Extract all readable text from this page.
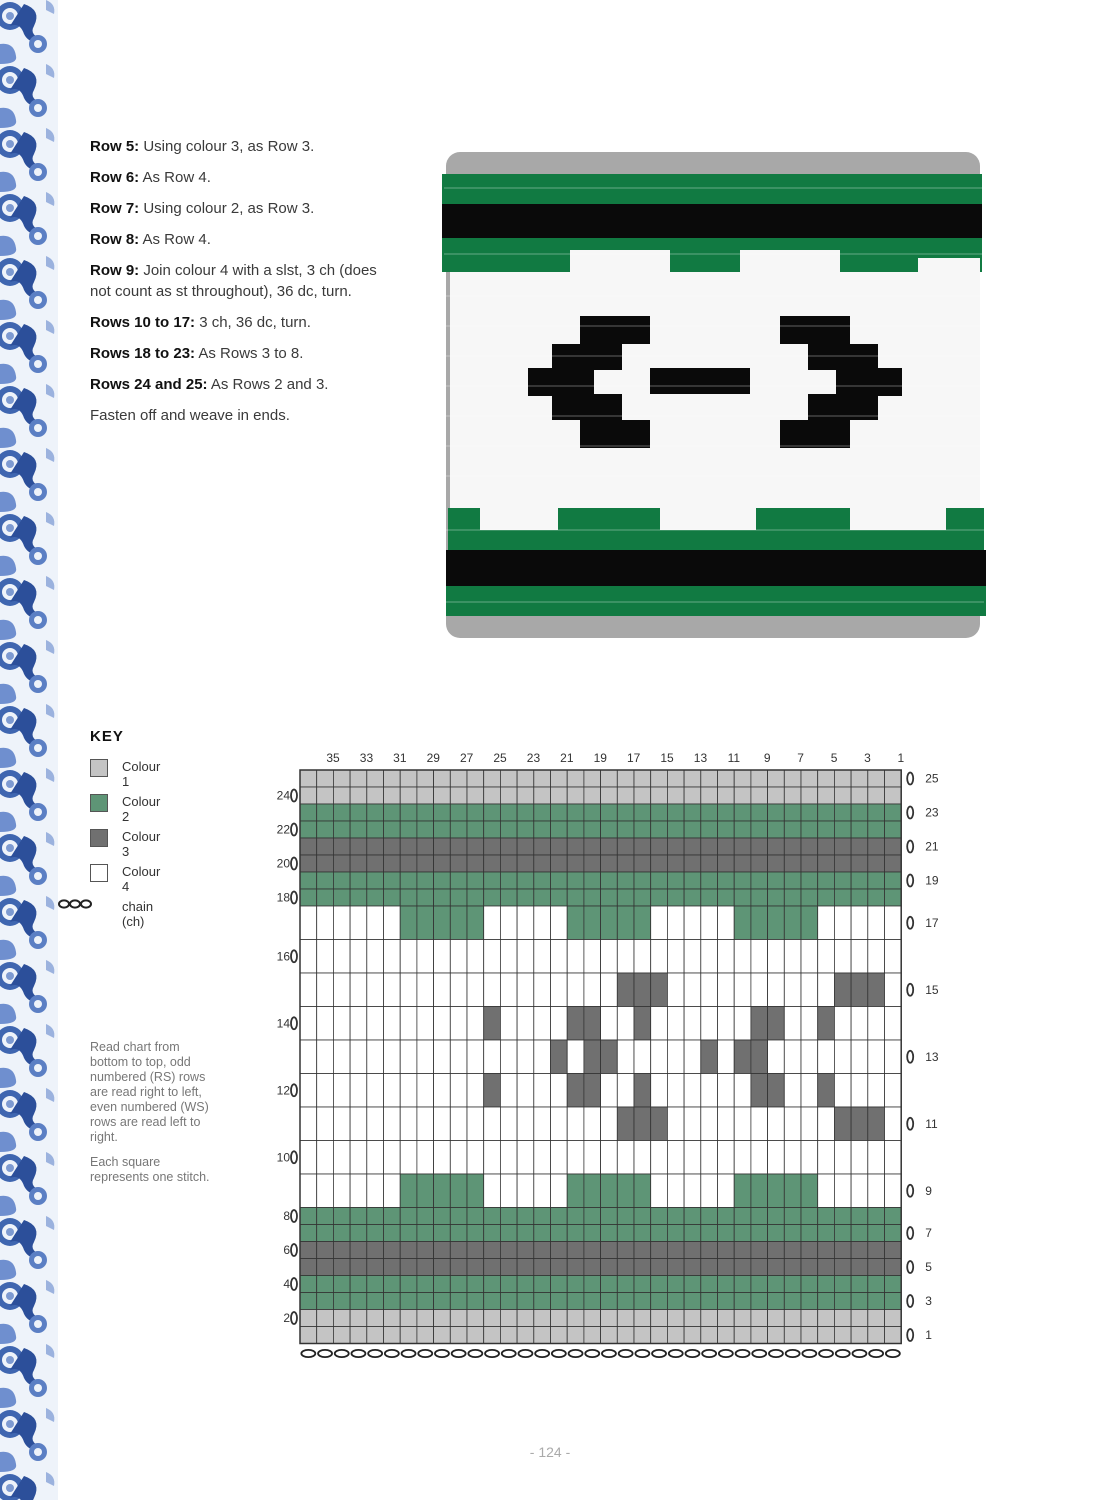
Row 5: Using colour 3, as Row 3.

Row 6: As Row 4.

Row 7: Using colour 2, as Row 3.

Row 8: As Row 4.

Row 9: Join colour 4 with a slst, 3 ch (does not count as st throughout), 36 dc, turn.

Rows 10 to 17: 3 ch, 36 dc, turn.

Rows 18 to 23: As Rows 3 to 8.

Rows 24 and 25: As Rows 2 and 3.

Fasten off and weave in ends.

KEY
Colour 1
Colour 2
Colour 3
Colour 4
chain (ch)

Read chart from bottom to top, odd numbered (RS) rows are read right to left, even numbered (WS) rows are read left to right.

Each square represents one stitch.

35 33 31 29 27 25 23 21 19 17 15 13 11 9 7 5 3 1
25
23
21
19
17
15
13
11
9
7
5
3
1
24
22
20
18
16
14
12
10
8
6
4
2
- 124 -
